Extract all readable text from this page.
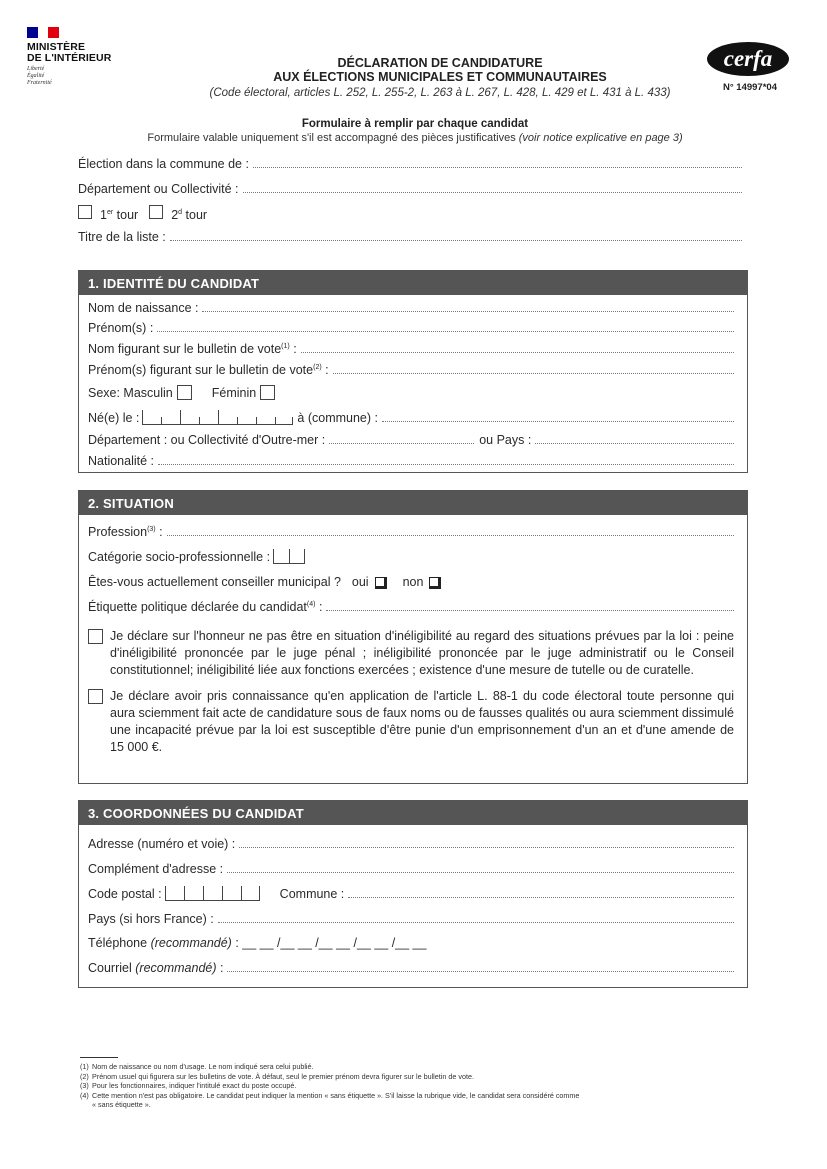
MINISTÈRE
DE L'INTÉRIEUR
Liberté
Égalité
Fraternité
DÉCLARATION DE CANDIDATURE
AUX ÉLECTIONS MUNICIPALES ET COMMUNAUTAIRES
(Code électoral, articles L. 252, L. 255-2, L. 263 à L. 267, L. 428, L. 429 et L. 431 à L. 433)
cerfa
N° 14997*04
Formulaire à remplir par chaque candidat
Formulaire valable uniquement s'il est accompagné des pièces justificatives (voir notice explicative en page 3)
Élection dans la commune de :
Département ou Collectivité :
1er tour	2$^d$ tour
Titre de la liste :
1. IDENTITÉ DU CANDIDAT
Nom de naissance :
Prénom(s) :
Nom figurant sur le bulletin de vote$^{(1)}$ :
Prénom(s) figurant sur le bulletin de vote$^{(2)}$ :
Sexe: Masculin	Féminin
Né(e) le :	à (commune) :
Département : ou Collectivité d'Outre-mer :	ou Pays :
Nationalité :
2. SITUATION
Profession$^{(3)}$ :
Catégorie socio-professionnelle :
Êtes-vous actuellement conseiller municipal ? oui	non
Étiquette politique déclarée du candidat$^{(4)}$ :

Je déclare sur l'honneur ne pas être en situation d'inéligibilité au regard des situations prévues par la loi : peine d'inéligibilité prononcée par le juge pénal ; inéligibilité prononcée par le juge administratif ou le Conseil constitutionnel; inéligibilité liée aux fonctions exercées ; existence d'une mesure de tutelle ou de curatelle.

Je déclare avoir pris connaissance qu'en application de l'article L. 88-1 du code électoral toute personne qui aura sciemment fait acte de candidature sous de faux noms ou de fausses qualités ou aura sciemment dissimulé une incapacité prévue par la loi est susceptible d'être punie d'un emprisonnement d'un an et d'une amende de 15 000 €.

3. COORDONNÉES DU CANDIDAT
Adresse (numéro et voie) :
Complément d'adresse :
Code postal :	Commune :
Pays (si hors France) :
Téléphone (recommandé) : __ __ /__ __ /__ __ /__ __ /__ __
Courriel (recommandé) :
(1) Nom de naissance ou nom d'usage. Le nom indiqué sera celui publié.
(2) Prénom usuel qui figurera sur les bulletins de vote. À défaut, seul le premier prénom devra figurer sur le bulletin de vote.
(3) Pour les fonctionnaires, indiquer l'intitulé exact du poste occupé.
(4) Cette mention n'est pas obligatoire. Le candidat peut indiquer la mention « sans étiquette ». S'il laisse la rubrique vide, le candidat sera considéré comme
« sans étiquette ».
